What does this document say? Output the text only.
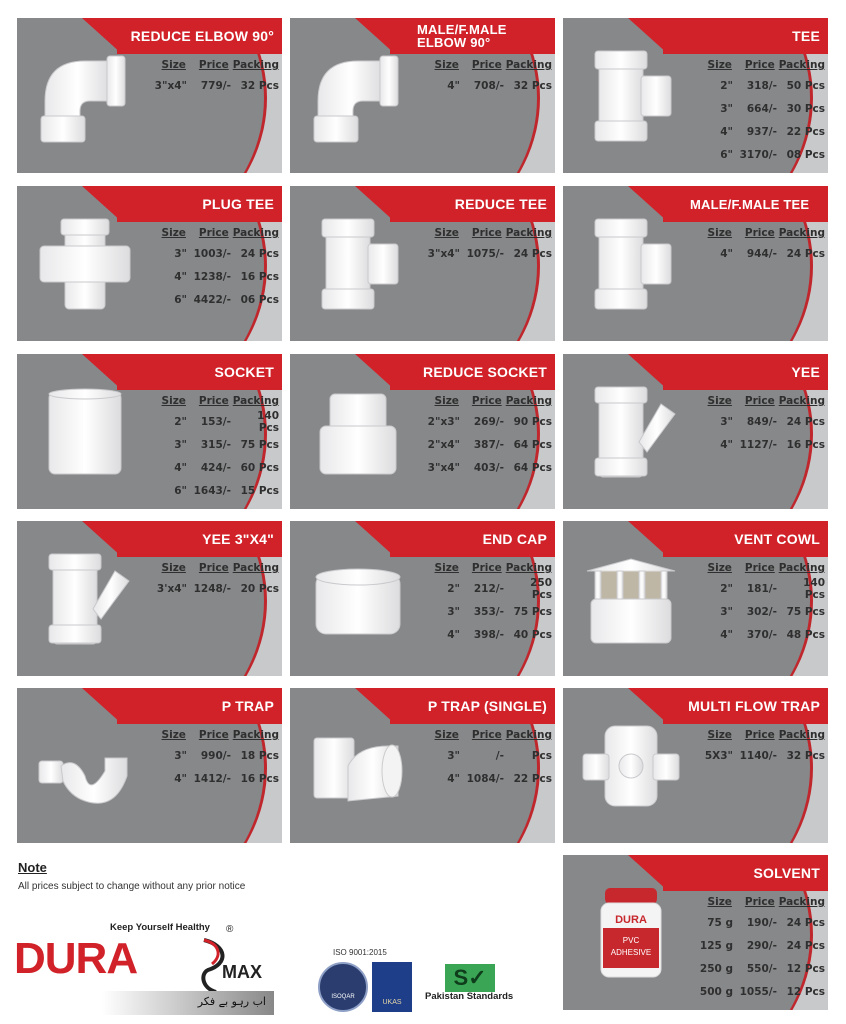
REDUCE ELBOW 90°
Size	Price Packing
3"x4"	779/- 32 Pcs
MALE/F.MALE ELBOW 90°
Size	Price Packing
4"	708/- 32 Pcs
TEE
Size	Price Packing
2"	318/- 50 Pcs
3"	664/- 30 Pcs
4"	937/- 22 Pcs
6" 3170/- 08 Pcs
PLUG TEE
Size	Price Packing
3" 1003/- 24 Pcs
4" 1238/- 16 Pcs
6" 4422/- 06 Pcs
REDUCE TEE
Size	Price Packing
3"x4" 1075/- 24 Pcs
MALE/F.MALE TEE
Size	Price Packing
4"	944/- 24 Pcs
SOCKET
Size	Price Packing
2"	153/-	140 Pcs
3"	315/- 75 Pcs
4"	424/- 60 Pcs
6" 1643/- 15 Pcs
REDUCE SOCKET
Size	Price Packing
2"x3"	269/- 90 Pcs
2"x4"	387/- 64 Pcs
3"x4"	403/- 64 Pcs
YEE
Size	Price Packing
3"	849/- 24 Pcs
4" 1127/- 16 Pcs
YEE 3"X4"
Size	Price Packing
3'x4" 1248/- 20 Pcs
END CAP
Size	Price Packing
2"	212/-	250 Pcs
3"	353/- 75 Pcs
4"	398/- 40 Pcs
VENT COWL
Size	Price Packing
2"	181/-	140 Pcs
3"	302/- 75 Pcs
4"	370/- 48 Pcs
P TRAP
Size	Price Packing
3"	990/- 18 Pcs
4" 1412/- 16 Pcs
P TRAP (SINGLE)
Size	Price Packing
3"	/-	Pcs
4" 1084/- 22 Pcs
MULTI FLOW TRAP
Size	Price Packing
5X3" 1140/- 32 Pcs
SOLVENT
DURA
PVC
ADHESIVE
Size	Price Packing
75 g	190/- 24 Pcs
125 g	290/- 24 Pcs
250 g	550/- 12 Pcs
500 g 1055/- 12 Pcs
Note
All prices subject to change without any prior notice
Keep Yourself Healthy ®
DURA	MAX
اب رہو بے فکر
ISO 9001:2015
ISOQAR
UKAS
S✓
Pakistan Standards
